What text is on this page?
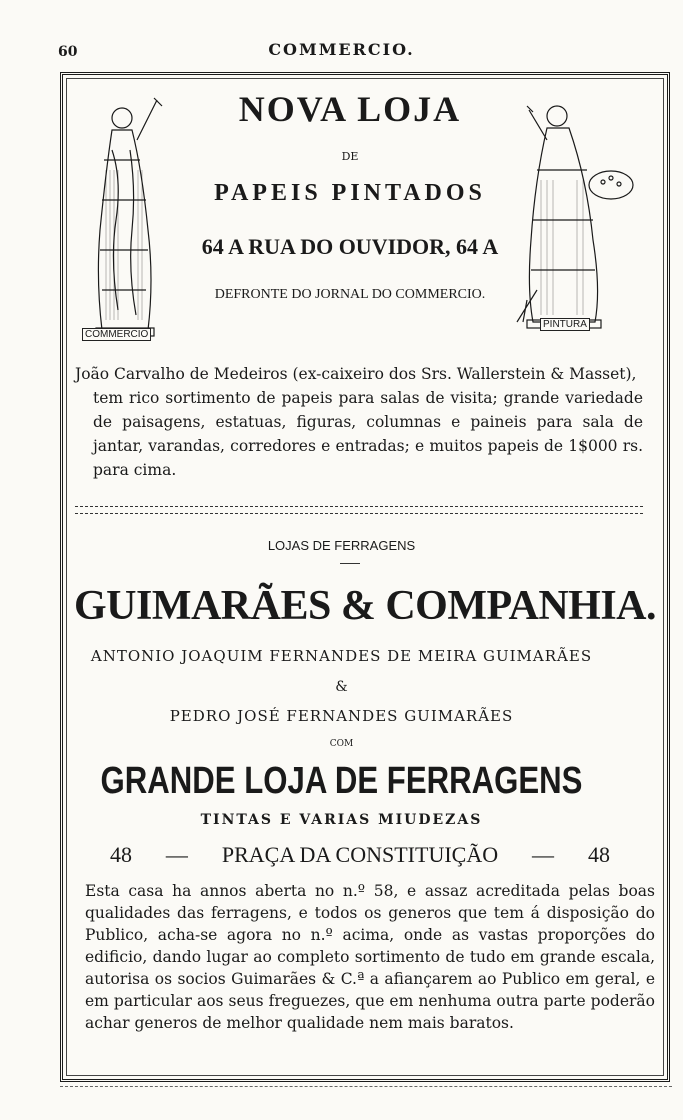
60	COMMERCIO.
COMMERCIO
PINTURA
NOVA LOJA
DE
PAPEIS PINTADOS
64 A RUA DO OUVIDOR, 64 A
DEFRONTE DO JORNAL DO COMMERCIO.
João Carvalho de Medeiros (ex-caixeiro dos Srs. Wallerstein & Masset),
tem rico sortimento de papeis para salas de visita; grande variedade de paisagens, estatuas, figuras, columnas e paineis para sala de jantar, varandas, corredores e entradas; e muitos papeis de 1$000 rs. para cima.
LOJAS DE FERRAGENS
GUIMARÃES & COMPANHIA.
ANTONIO JOAQUIM FERNANDES DE MEIRA GUIMARÃES
&
PEDRO JOSÉ FERNANDES GUIMARÃES
COM
GRANDE LOJA DE FERRAGENS
TINTAS E VARIAS MIUDEZAS
48 — PRAÇA DA CONSTITUIÇÃO — 48
Esta casa ha annos aberta no n.º 58, e assaz acreditada pelas boas qualidades das ferragens, e todos os generos que tem á disposição do Publico, acha-se agora no n.º acima, onde as vastas proporções do edificio, dando lugar ao completo sortimento de tudo em grande escala, autorisa os socios Guimarães & C.ª a afiançarem ao Publico em geral, e em particular aos seus freguezes, que em nenhuma outra parte poderão achar generos de melhor qualidade nem mais baratos.
